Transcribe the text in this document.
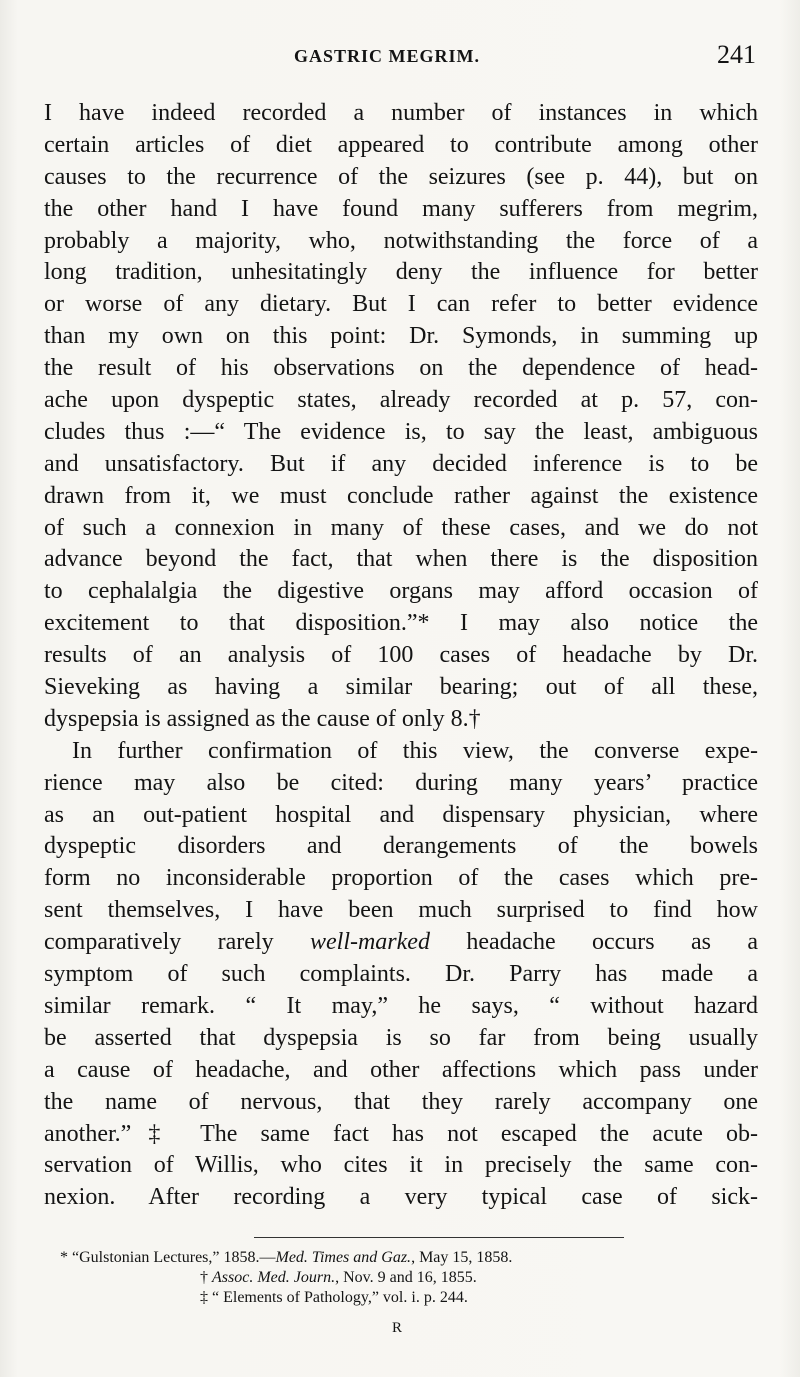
GASTRIC MEGRIM.	241
I have indeed recorded a number of instances in which
certain articles of diet appeared to contribute among other
causes to the recurrence of the seizures (see p. 44), but on
the other hand I have found many sufferers from megrim,
probably a majority, who, notwithstanding the force of a
long tradition, unhesitatingly deny the influence for better
or worse of any dietary. But I can refer to better evidence
than my own on this point: Dr. Symonds, in summing up
the result of his observations on the dependence of head-
ache upon dyspeptic states, already recorded at p. 57, con-
cludes thus :—“ The evidence is, to say the least, ambiguous
and unsatisfactory. But if any decided inference is to be
drawn from it, we must conclude rather against the existence
of such a connexion in many of these cases, and we do not
advance beyond the fact, that when there is the disposition
to cephalalgia the digestive organs may afford occasion of
excitement to that disposition.”* I may also notice the
results of an analysis of 100 cases of headache by Dr.
Sieveking as having a similar bearing; out of all these,
dyspepsia is assigned as the cause of only 8.†
In further confirmation of this view, the converse expe-
rience may also be cited: during many years’ practice
as an out-patient hospital and dispensary physician, where
dyspeptic disorders and derangements of the bowels
form no inconsiderable proportion of the cases which pre-
sent themselves, I have been much surprised to find how
comparatively rarely well-marked headache occurs as a
symptom of such complaints. Dr. Parry has made a
similar remark. “ It may,” he says, “ without hazard
be asserted that dyspepsia is so far from being usually
a cause of headache, and other affections which pass under
the name of nervous, that they rarely accompany one
another.”‡ The same fact has not escaped the acute ob-
servation of Willis, who cites it in precisely the same con-
nexion. After recording a very typical case of sick-
* “Gulstonian Lectures,” 1858.—Med. Times and Gaz., May 15, 1858.
† Assoc. Med. Journ., Nov. 9 and 16, 1855.
‡ “ Elements of Pathology,” vol. i. p. 244.
R
